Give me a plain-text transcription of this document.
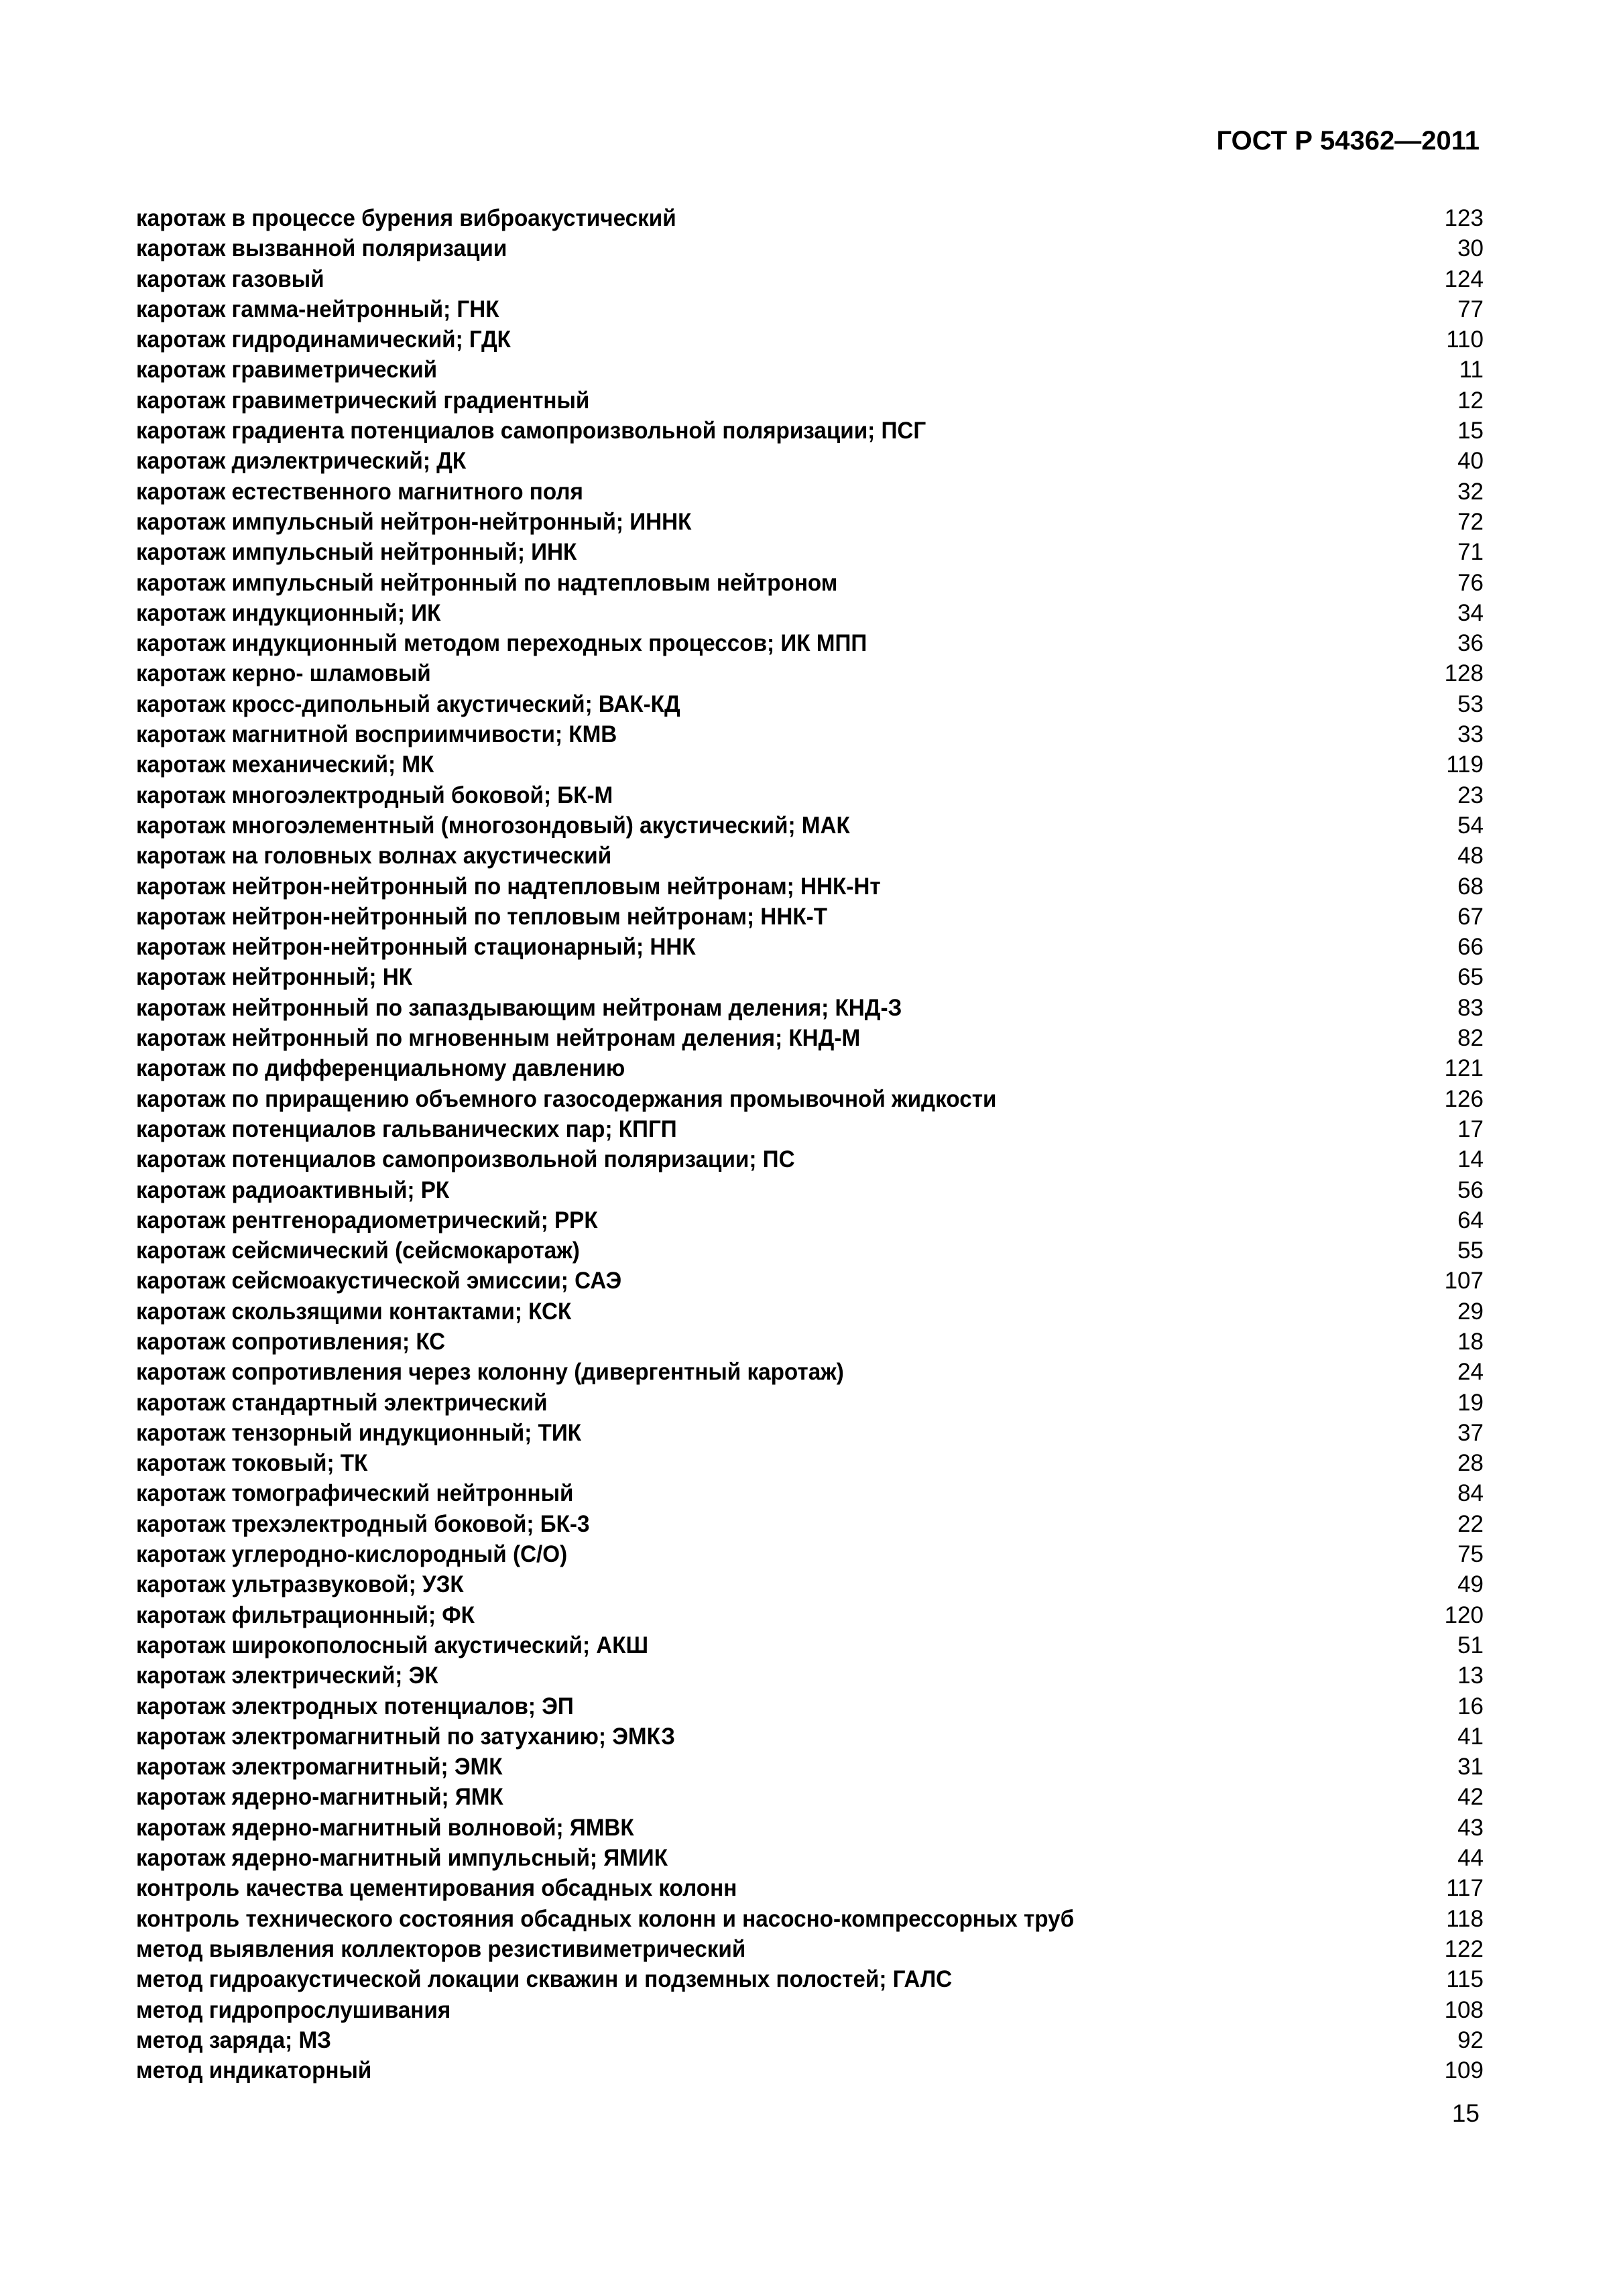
ГОСТ Р 54362—2011
каротаж в процессе бурения виброакустический	123
каротаж вызванной поляризации	30
каротаж газовый	124
каротаж гамма-нейтронный; ГНК	77
каротаж гидродинамический; ГДК	110
каротаж гравиметрический	11
каротаж гравиметрический градиентный	12
каротаж градиента потенциалов самопроизвольной поляризации; ПСГ	15
каротаж диэлектрический; ДК	40
каротаж естественного магнитного поля	32
каротаж импульсный нейтрон-нейтронный; ИННК	72
каротаж импульсный нейтронный; ИНК	71
каротаж импульсный нейтронный по надтепловым нейтроном	76
каротаж индукционный; ИК	34
каротаж индукционный методом переходных процессов; ИК МПП	36
каротаж керно- шламовый	128
каротаж кросс-дипольный акустический; ВАК-КД	53
каротаж магнитной восприимчивости; КМВ	33
каротаж механический; МК	119
каротаж многоэлектродный боковой; БК-М	23
каротаж многоэлементный (многозондовый) акустический; МАК	54
каротаж на головных волнах акустический	48
каротаж нейтрон-нейтронный по надтепловым нейтронам; ННК-Нт	68
каротаж нейтрон-нейтронный по тепловым нейтронам; ННК-Т	67
каротаж нейтрон-нейтронный стационарный; ННК	66
каротаж нейтронный; НК	65
каротаж нейтронный по запаздывающим нейтронам деления; КНД-З	83
каротаж нейтронный по мгновенным нейтронам деления; КНД-М	82
каротаж по дифференциальному давлению	121
каротаж по приращению объемного газосодержания промывочной жидкости	126
каротаж потенциалов гальванических пар; КПГП	17
каротаж потенциалов самопроизвольной поляризации; ПС	14
каротаж радиоактивный; РК	56
каротаж рентгенорадиометрический; РРК	64
каротаж сейсмический (сейсмокаротаж)	55
каротаж сейсмоакустической эмиссии; САЭ	107
каротаж скользящими контактами; КСК	29
каротаж сопротивления; КС	18
каротаж сопротивления через колонну (дивергентный каротаж)	24
каротаж стандартный электрический	19
каротаж тензорный индукционный; ТИК	37
каротаж токовый; ТК	28
каротаж томографический нейтронный	84
каротаж трехэлектродный боковой; БК-3	22
каротаж углеродно-кислородный (С/О)	75
каротаж ультразвуковой; УЗК	49
каротаж фильтрационный; ФК	120
каротаж широкополосный акустический; АКШ	51
каротаж электрический; ЭК	13
каротаж электродных потенциалов; ЭП	16
каротаж электромагнитный по затуханию; ЭМКЗ	41
каротаж электромагнитный; ЭМК	31
каротаж ядерно-магнитный; ЯМК	42
каротаж ядерно-магнитный волновой; ЯМВК	43
каротаж ядерно-магнитный импульсный; ЯМИК	44
контроль качества цементирования обсадных колонн	117
контроль технического состояния обсадных колонн и насосно-компрессорных труб	118
метод выявления коллекторов резистивиметрический	122
метод гидроакустической локации скважин и подземных полостей; ГАЛС	115
метод гидропрослушивания	108
метод заряда; МЗ	92
метод индикаторный	109
15
